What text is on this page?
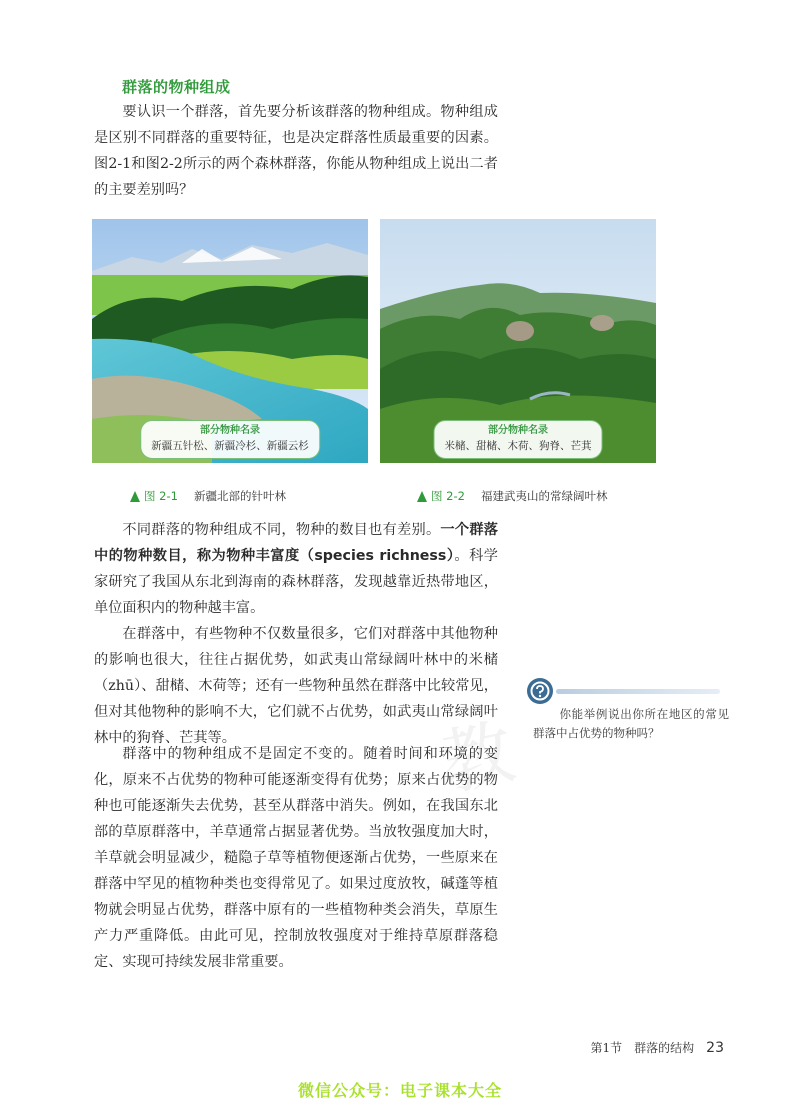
群落的物种组成

要认识一个群落，首先要分析该群落的物种组成。物种组成是区别不同群落的重要特征，也是决定群落性质最重要的因素。图2-1和图2-2所示的两个森林群落，你能从物种组成上说出二者的主要差别吗？

部分物种名录
新疆五针松、新疆冷杉、新疆云杉
部分物种名录
米槠、甜槠、木荷、狗脊、芒萁
图 2-1 新疆北部的针叶林	图 2-2 福建武夷山的常绿阔叶林

不同群落的物种组成不同，物种的数目也有差别。一个群落中的物种数目，称为物种丰富度（species richness）。科学家研究了我国从东北到海南的森林群落，发现越靠近热带地区，单位面积内的物种越丰富。

在群落中，有些物种不仅数量很多，它们对群落中其他物种的影响也很大，往往占据优势，如武夷山常绿阔叶林中的米槠（zhū）、甜槠、木荷等；还有一些物种虽然在群落中比较常见，但对其他物种的影响不大，它们就不占优势，如武夷山常绿阔叶林中的狗脊、芒萁等。

群落中的物种组成不是固定不变的。随着时间和环境的变化，原来不占优势的物种可能逐渐变得有优势；原来占优势的物种也可能逐渐失去优势，甚至从群落中消失。例如，在我国东北部的草原群落中，羊草通常占据显著优势。当放牧强度加大时，羊草就会明显减少，糙隐子草等植物便逐渐占优势，一些原来在群落中罕见的植物种类也变得常见了。如果过度放牧，碱蓬等植物就会明显占优势，群落中原有的一些植物种类会消失，草原生产力严重降低。由此可见，控制放牧强度对于维持草原群落稳定、实现可持续发展非常重要。

你能举例说出你所在地区的常见群落中占优势的物种吗？

教
第1节　群落的结构 23
微信公众号：电子课本大全
